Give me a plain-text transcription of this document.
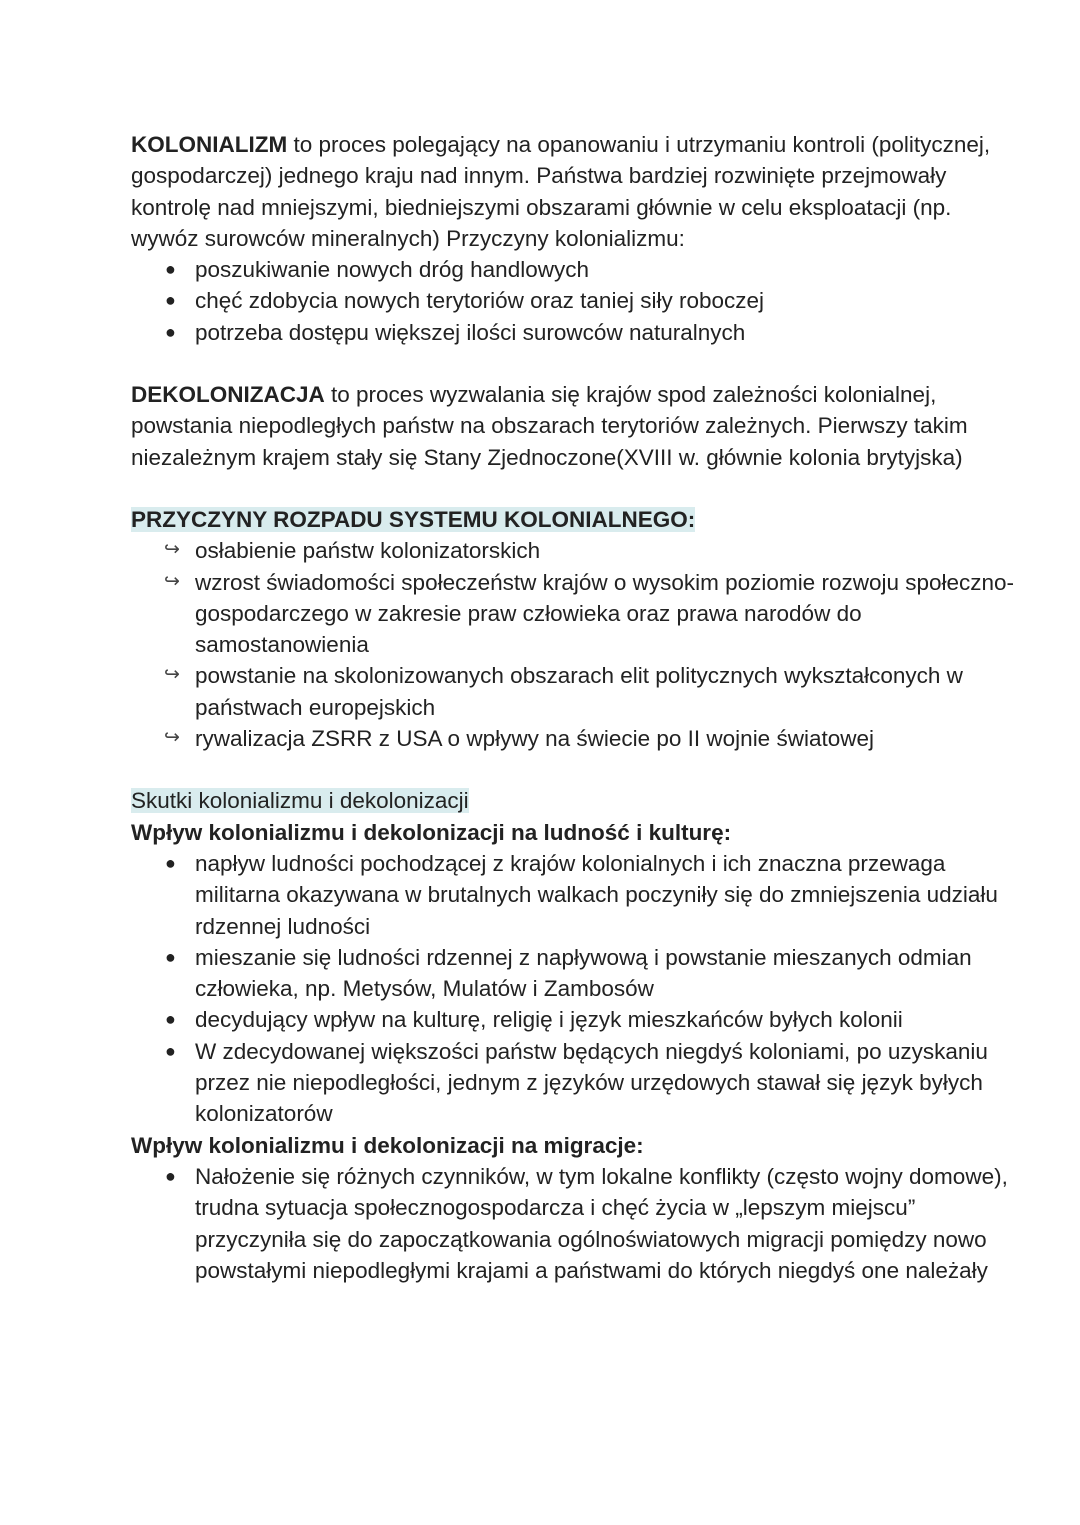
KOLONIALIZM to proces polegający na opanowaniu i utrzymaniu kontroli (politycznej, gospodarczej) jednego kraju nad innym. Państwa bardziej rozwinięte przejmowały kontrolę nad mniejszymi, biedniejszymi obszarami głównie w celu eksploatacji (np. wywóz surowców mineralnych) Przyczyny kolonializmu:

● poszukiwanie nowych dróg handlowych
● chęć zdobycia nowych terytoriów oraz taniej siły roboczej
● potrzeba dostępu większej ilości surowców naturalnych

DEKOLONIZACJA to proces wyzwalania się krajów spod zależności kolonialnej, powstania niepodległych państw na obszarach terytoriów zależnych. Pierwszy takim niezależnym krajem stały się Stany Zjednoczone(XVIII w. głównie kolonia brytyjska)

PRZYCZYNY ROZPADU SYSTEMU KOLONIALNEGO:

↪ osłabienie państw kolonizatorskich
↪ wzrost świadomości społeczeństw krajów o wysokim poziomie rozwoju społeczno-gospodarczego w zakresie praw człowieka oraz prawa narodów do samostanowienia
↪ powstanie na skolonizowanych obszarach elit politycznych wykształconych w państwach europejskich
↪ rywalizacja ZSRR z USA o wpływy na świecie po II wojnie światowej

Skutki kolonializmu i dekolonizacji

Wpływ kolonializmu i dekolonizacji na ludność i kulturę:

● napływ ludności pochodzącej z krajów kolonialnych i ich znaczna przewaga militarna okazywana w brutalnych walkach poczyniły się do zmniejszenia udziału rdzennej ludności
● mieszanie się ludności rdzennej z napływową i powstanie mieszanych odmian człowieka, np. Metysów, Mulatów i Zambosów
● decydujący wpływ na kulturę, religię i język mieszkańców byłych kolonii
● W zdecydowanej większości państw będących niegdyś koloniami, po uzyskaniu przez nie niepodległości, jednym z języków urzędowych stawał się język byłych kolonizatorów

Wpływ kolonializmu i dekolonizacji na migracje:

● Nałożenie się różnych czynników, w tym lokalne konflikty (często wojny domowe), trudna sytuacja społecznogospodarcza i chęć życia w „lepszym miejscu” przyczyniła się do zapoczątkowania ogólnoświatowych migracji pomiędzy nowo powstałymi niepodległymi krajami a państwami do których niegdyś one należały
